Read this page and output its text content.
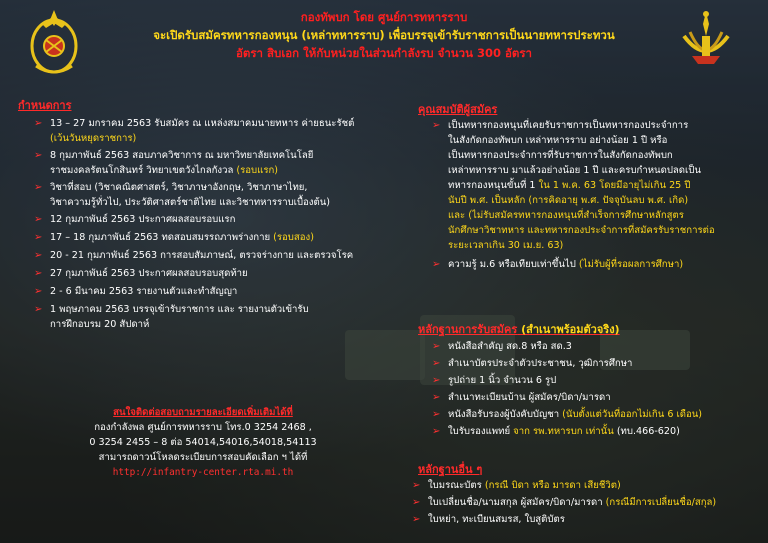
กองทัพบก โดย ศูนย์การทหารราบ
จะเปิดรับสมัครทหารกองหนุน (เหล่าทหารราบ) เพื่อบรรจุเข้ารับราชการเป็นนายทหารประทวน
อัตรา สิบเอก ให้กับหน่วยในส่วนกำลังรบ จำนวน 300 อัตรา
กำหนดการ
➢ 13 – 27 มกราคม 2563 รับสมัคร ณ แหล่งสมาคมนายทหาร ค่ายธนะรัชต์
(เว้นวันหยุดราชการ)
➢ 8 กุมภาพันธ์ 2563 สอบภาควิชาการ ณ มหาวิทยาลัยเทคโนโลยี
ราชมงคลรัตนโกสินทร์ วิทยาเขตวังไกลกังวล (รอบแรก)
➢ วิชาที่สอบ (วิชาคณิตศาสตร์, วิชาภาษาอังกฤษ, วิชาภาษาไทย,
วิชาความรู้ทั่วไป, ประวัติศาสตร์ชาติไทย และวิชาทหารราบเบื้องต้น)
➢ 12 กุมภาพันธ์ 2563 ประกาศผลสอบรอบแรก
➢ 17 – 18 กุมภาพันธ์ 2563 ทดสอบสมรรถภาพร่างกาย (รอบสอง)
➢ 20 - 21 กุมภาพันธ์ 2563 การสอบสัมภาษณ์, ตรวจร่างกาย และตรวจโรค
➢ 27 กุมภาพันธ์ 2563 ประกาศผลสอบรอบสุดท้าย
➢ 2 - 6 มีนาคม 2563 รายงานตัวและทำสัญญา
➢ 1 พฤษภาคม 2563 บรรจุเข้ารับราชการ และ รายงานตัวเข้ารับ
การฝึกอบรม 20 สัปดาห์
สนใจติดต่อสอบถามรายละเอียดเพิ่มเติมได้ที่
กองกำลังพล ศูนย์การทหารราบ โทร.0 3254 2468 ,
0 3254 2455 – 8 ต่อ 54014,54016,54018,54113
สามารถดาวน์โหลดระเบียบการสอบคัดเลือก ฯ ได้ที่
http://infantry-center.rta.mi.th
คุณสมบัติผู้สมัคร
➢ เป็นทหารกองหนุนที่เคยรับราชการเป็นทหารกองประจำการ
ในสังกัดกองทัพบก เหล่าทหารราบ อย่างน้อย 1 ปี หรือ
เป็นทหารกองประจำการที่รับราชการในสังกัดกองทัพบก
เหล่าทหารราบ มาแล้วอย่างน้อย 1 ปี และครบกำหนดปลดเป็น
ทหารกองหนุนขั้นที่ 1 ใน 1 พ.ค. 63 โดยมีอายุไม่เกิน 25 ปี
นับปี พ.ศ. เป็นหลัก (การคิดอายุ พ.ศ. ปัจจุบันลบ พ.ศ. เกิด)
และ (ไม่รับสมัครทหารกองหนุนที่สำเร็จการศึกษาหลักสูตร
นักศึกษาวิชาทหาร และทหารกองประจำการที่สมัครรับราชการต่อ
ระยะเวลาเกิน 30 เม.ย. 63)
➢ ความรู้ ม.6 หรือเทียบเท่าขึ้นไป (ไม่รับผู้ที่รอผลการศึกษา)
หลักฐานการรับสมัคร (สำเนาพร้อมตัวจริง)
➢ หนังสือสำคัญ สด.8 หรือ สด.3
➢ สำเนาบัตรประจำตัวประชาชน, วุฒิการศึกษา
➢ รูปถ่าย 1 นิ้ว จำนวน 6 รูป
➢ สำเนาทะเบียนบ้าน ผู้สมัคร/บิดา/มารดา
➢ หนังสือรับรองผู้บังคับบัญชา (นับตั้งแต่วันที่ออกไม่เกิน 6 เดือน)
➢ ใบรับรองแพทย์ จาก รพ.ทหารบก เท่านั้น (ทบ.466-620)
หลักฐานอื่น ๆ
➢ ใบมรณะบัตร (กรณี บิดา หรือ มารดา เสียชีวิต)
➢ ใบเปลี่ยนชื่อ/นามสกุล ผู้สมัคร/บิดา/มารดา (กรณีมีการเปลี่ยนชื่อ/สกุล)
➢ ใบหย่า, ทะเบียนสมรส, ใบสูติบัตร
